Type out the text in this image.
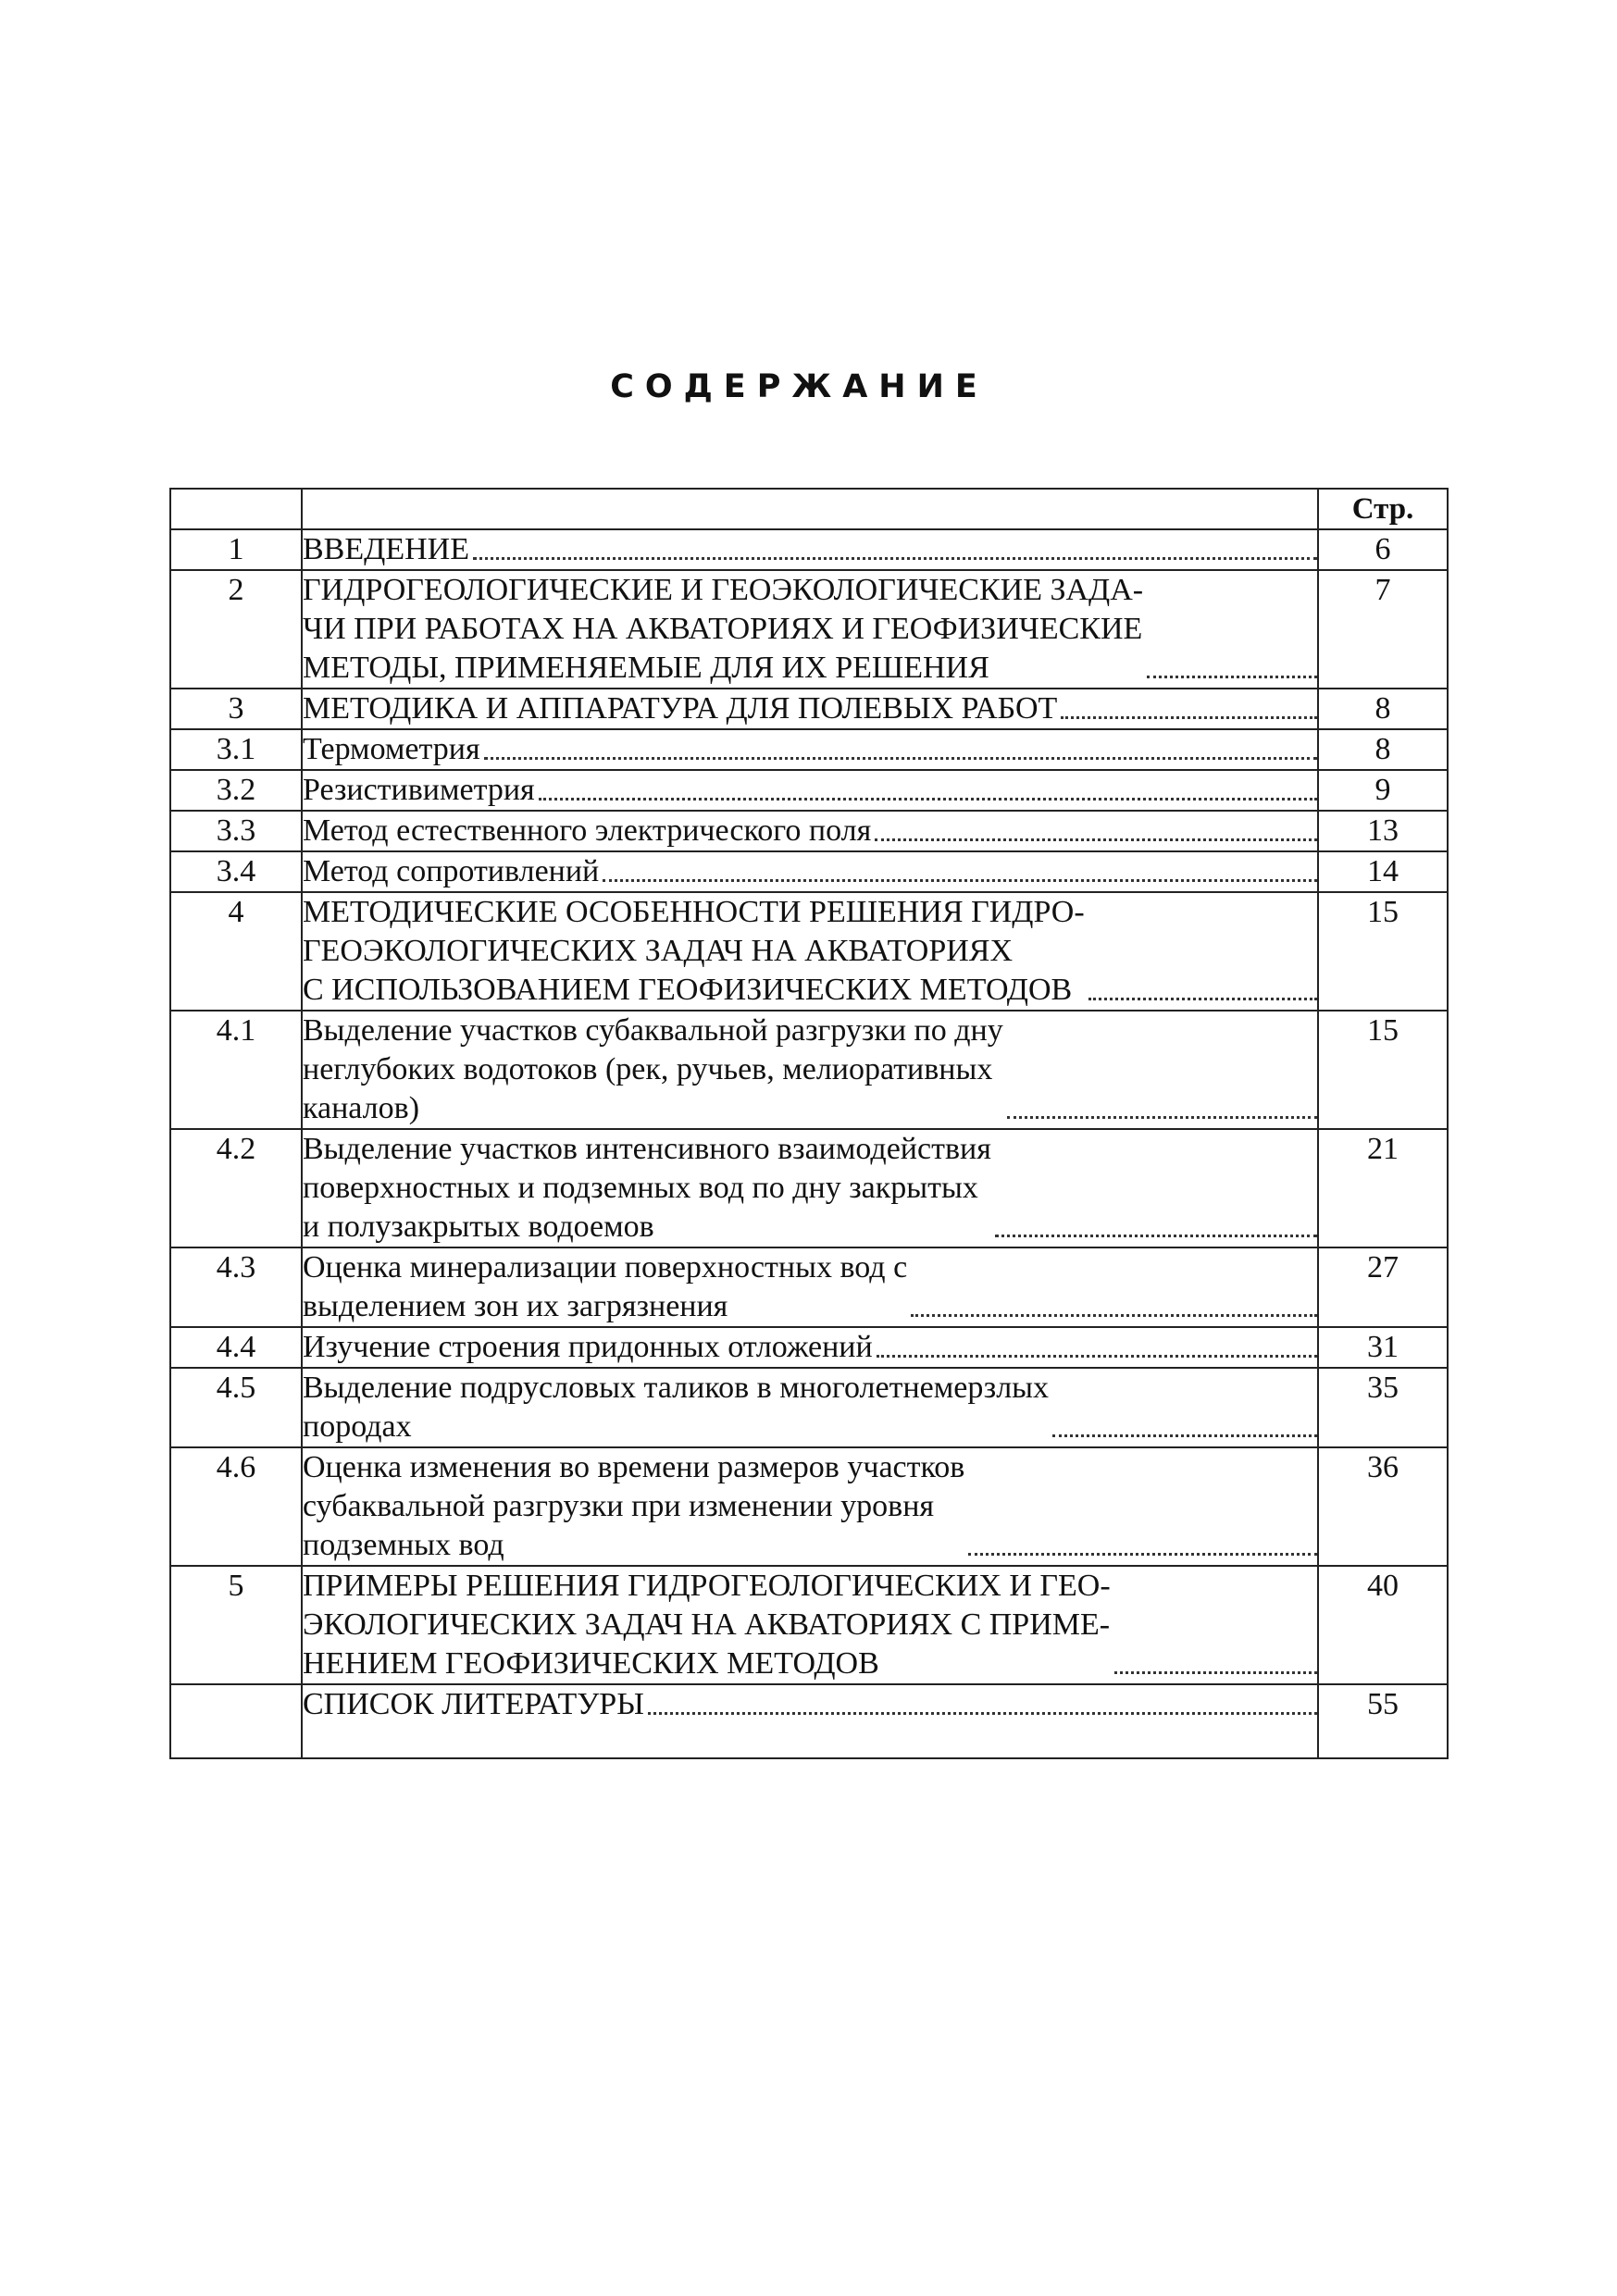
СОДЕРЖАНИЕ
		Стр.
1	ВВЕДЕНИЕ	6
2	ГИДРОГЕОЛОГИЧЕСКИЕ И ГЕОЭКОЛОГИЧЕСКИЕ ЗАДА-
ЧИ ПРИ РАБОТАХ НА АКВАТОРИЯХ И ГЕОФИЗИЧЕСКИЕ
МЕТОДЫ, ПРИМЕНЯЕМЫЕ ДЛЯ ИХ РЕШЕНИЯ	7
3	МЕТОДИКА И АППАРАТУРА ДЛЯ ПОЛЕВЫХ РАБОТ	8
3.1	Термометрия	8
3.2	Резистивиметрия	9
3.3	Метод естественного электрического поля	13
3.4	Метод сопротивлений	14
4	МЕТОДИЧЕСКИЕ ОСОБЕННОСТИ РЕШЕНИЯ ГИДРО-
ГЕОЭКОЛОГИЧЕСКИХ ЗАДАЧ НА АКВАТОРИЯХ
С ИСПОЛЬЗОВАНИЕМ ГЕОФИЗИЧЕСКИХ МЕТОДОВ	15
4.1	Выделение участков субаквальной разгрузки по дну
неглубоких водотоков (рек, ручьев, мелиоративных
каналов)	15
4.2	Выделение участков интенсивного взаимодействия
поверхностных и подземных вод по дну закрытых
и полузакрытых водоемов	21
4.3	Оценка минерализации поверхностных вод с
выделением зон их загрязнения	27
4.4	Изучение строения придонных отложений	31
4.5	Выделение подрусловых таликов в многолетнемерзлых
породах	35
4.6	Оценка изменения во времени размеров участков
субаквальной разгрузки при изменении уровня
подземных вод	36
5	ПРИМЕРЫ РЕШЕНИЯ ГИДРОГЕОЛОГИЧЕСКИХ И ГЕО-
ЭКОЛОГИЧЕСКИХ ЗАДАЧ НА АКВАТОРИЯХ С ПРИМЕ-
НЕНИЕМ ГЕОФИЗИЧЕСКИХ МЕТОДОВ	40

	СПИСОК ЛИТЕРАТУРЫ	55
